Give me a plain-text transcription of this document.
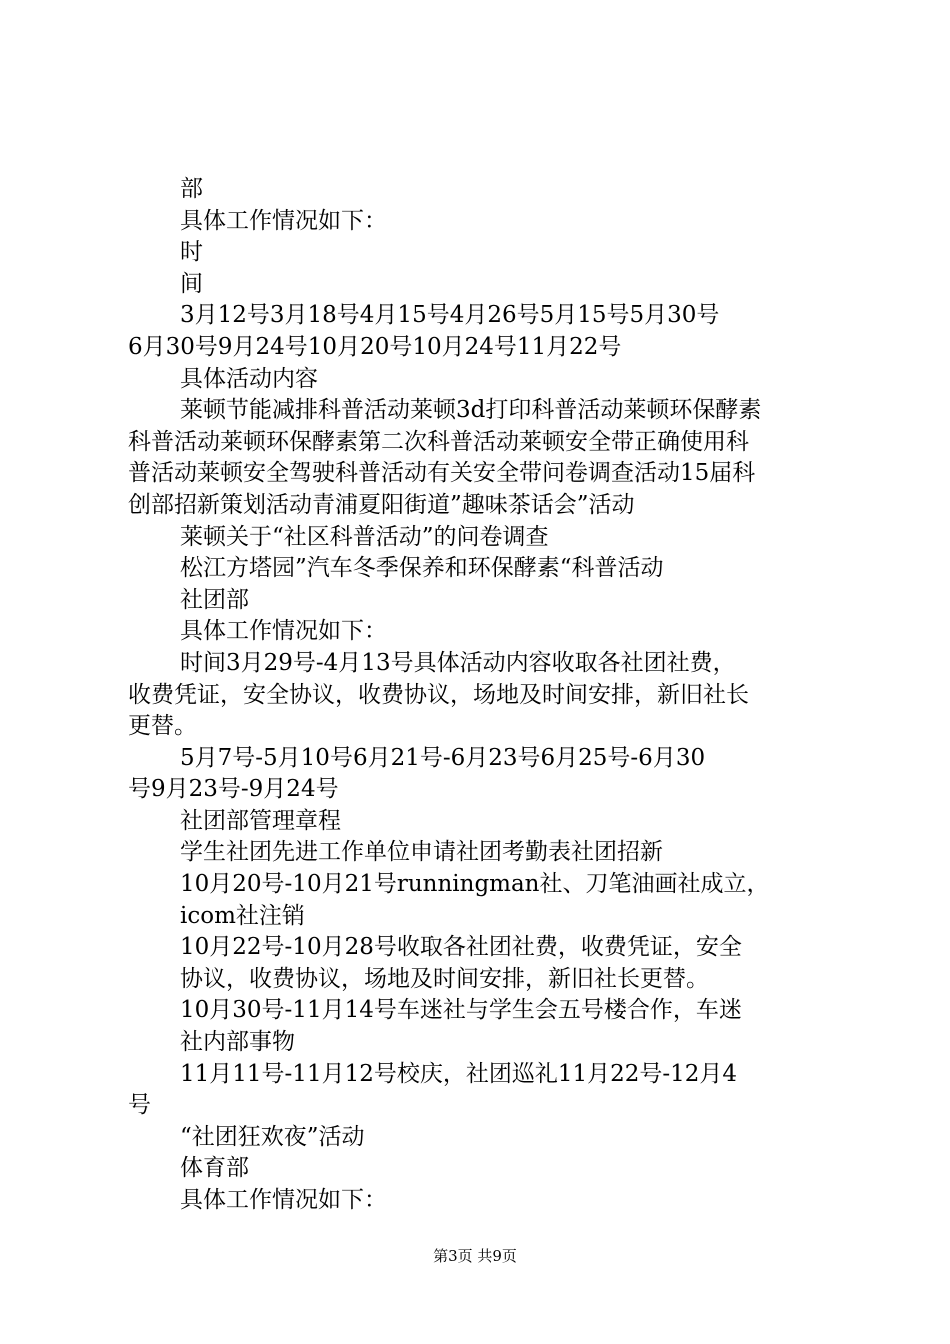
部

具体工作情况如下：

时

间

3月12号3月18号4月15号4月26号5月15号5月30号

6月30号9月24号10月20号10月24号11月22号

具体活动内容

莱顿节能减排科普活动莱顿3d打印科普活动莱顿环保酵素

科普活动莱顿环保酵素第二次科普活动莱顿安全带正确使用科

普活动莱顿安全驾驶科普活动有关安全带问卷调查活动15届科

创部招新策划活动青浦夏阳街道”趣味茶话会”活动

莱顿关于“社区科普活动”的问卷调查

松江方塔园”汽车冬季保养和环保酵素“科普活动

社团部

具体工作情况如下：

时间3月29号-4月13号具体活动内容收取各社团社费，

收费凭证，安全协议，收费协议，场地及时间安排，新旧社长

更替。

5月7号-5月10号6月21号-6月23号6月25号-6月30

号9月23号-9月24号

社团部管理章程

学生社团先进工作单位申请社团考勤表社团招新

10月20号-10月21号runningman社、刀笔油画社成立，

icom社注销

10月22号-10月28号收取各社团社费，收费凭证，安全

协议，收费协议，场地及时间安排，新旧社长更替。

10月30号-11月14号车迷社与学生会五号楼合作，车迷

社内部事物

11月11号-11月12号校庆，社团巡礼11月22号-12月4

号

“社团狂欢夜”活动

体育部

具体工作情况如下：

第3页 共9页
